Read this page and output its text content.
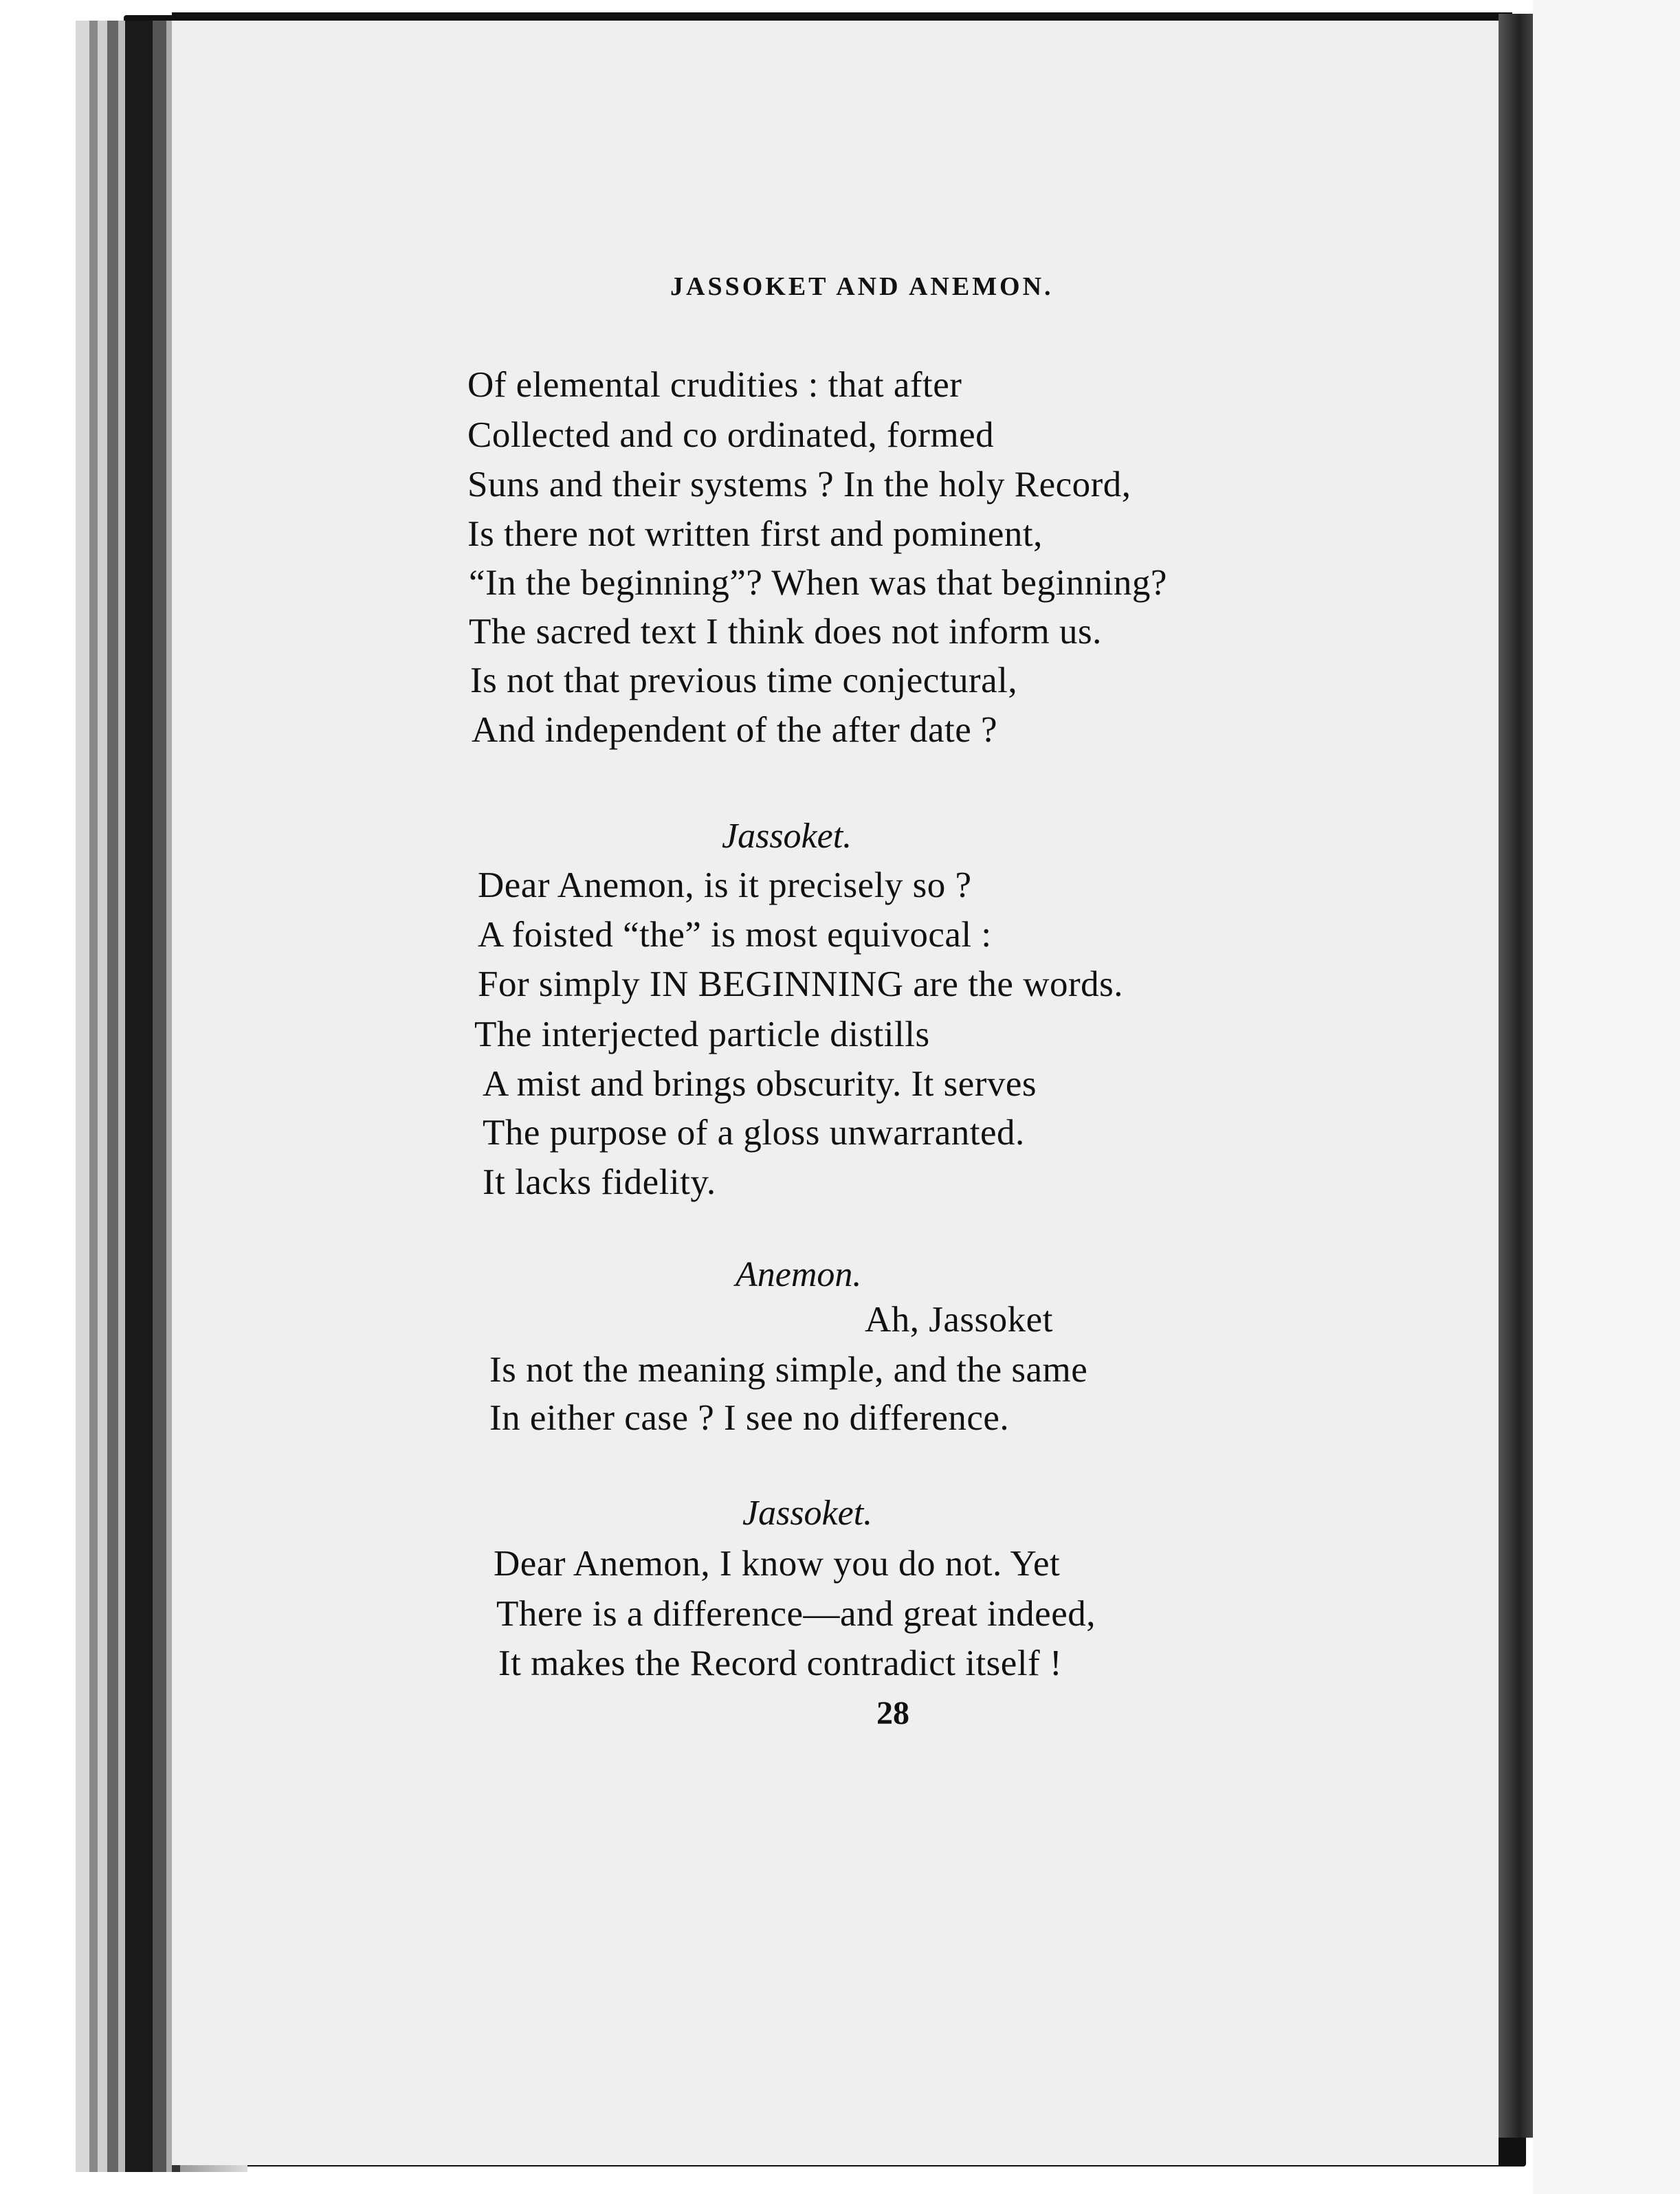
JASSOKET AND ANEMON.
Of elemental crudities : that after
Collected and co ordinated, formed
Suns and their systems ? In the holy Record,
Is there not written first and pominent,
“In the beginning”? When was that beginning?
The sacred text I think does not inform us.
Is not that previous time conjectural,
And independent of the after date ?
Jassoket.
Dear Anemon, is it precisely so ?
A foisted “the” is most equivocal :
For simply IN BEGINNING are the words.
The interjected particle distills
A mist and brings obscurity. It serves
The purpose of a gloss unwarranted.
It lacks fidelity.
Anemon.
Ah, Jassoket
Is not the meaning simple, and the same
In either case ? I see no difference.
Jassoket.
Dear Anemon, I know you do not. Yet
There is a difference—and great indeed,
It makes the Record contradict itself !
28
